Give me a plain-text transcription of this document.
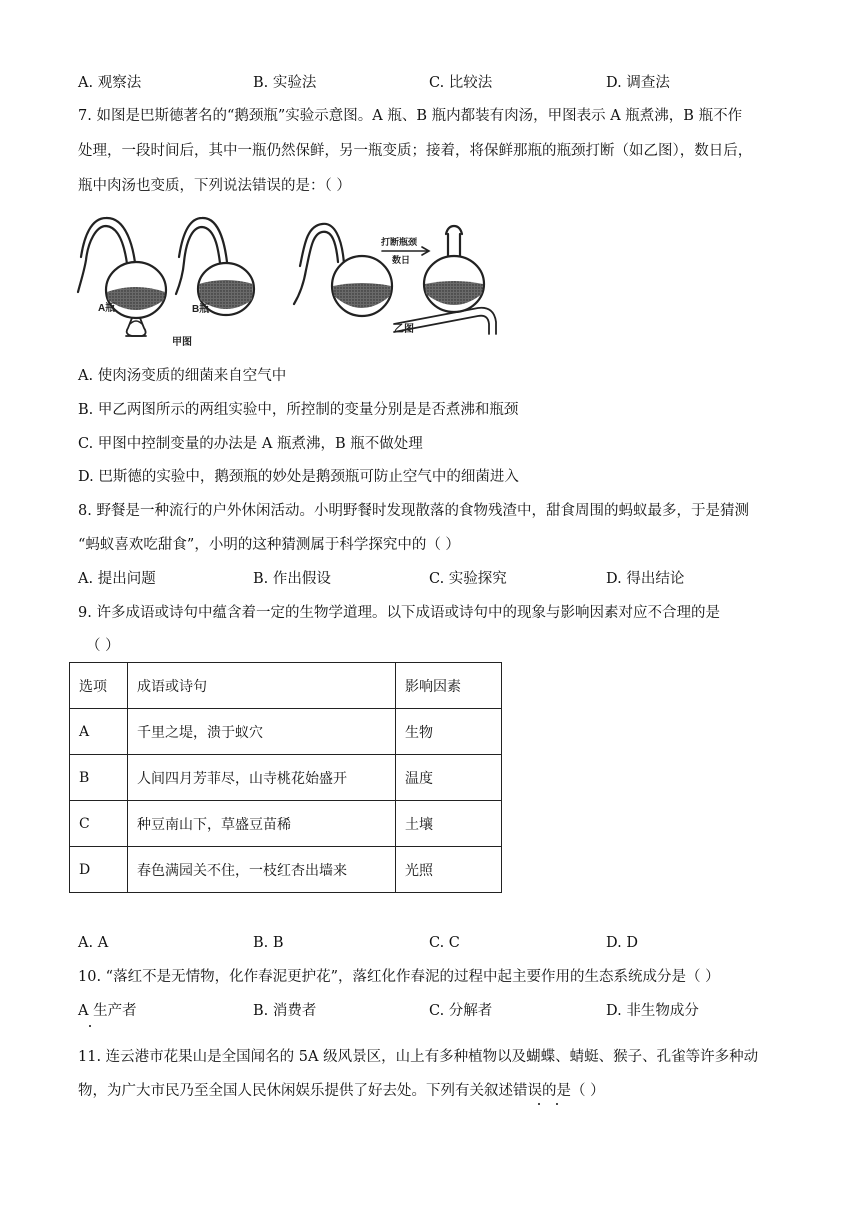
A. 观察法	B. 实验法	C. 比较法	D. 调查法
7. 如图是巴斯德著名的“鹅颈瓶”实验示意图。A 瓶、B 瓶内都装有肉汤，甲图表示 A 瓶煮沸，B 瓶不作
处理，一段时间后，其中一瓶仍然保鲜，另一瓶变质；接着，将保鲜那瓶的瓶颈打断（如乙图），数日后，
瓶中肉汤也变质，下列说法错误的是：（ ）
A瓶	B瓶
甲图
乙图
打断瓶颈
数日
A. 使肉汤变质的细菌来自空气中
B. 甲乙两图所示的两组实验中，所控制的变量分别是是否煮沸和瓶颈
C. 甲图中控制变量的办法是 A 瓶煮沸，B 瓶不做处理
D. 巴斯德的实验中，鹅颈瓶的妙处是鹅颈瓶可防止空气中的细菌进入
8. 野餐是一种流行的户外休闲活动。小明野餐时发现散落的食物残渣中，甜食周围的蚂蚁最多，于是猜测
“蚂蚁喜欢吃甜食”，小明的这种猜测属于科学探究中的（ ）
A. 提出问题	B. 作出假设	C. 实验探究	D. 得出结论
9. 许多成语或诗句中蕴含着一定的生物学道理。以下成语或诗句中的现象与影响因素对应不合理的是
（ ）
选项	成语或诗句	影响因素
A	千里之堤，溃于蚁穴	生物
B	人间四月芳菲尽，山寺桃花始盛开	温度
C	种豆南山下，草盛豆苗稀	土壤
D	春色满园关不住，一枝红杏出墙来	光照
A. A	B. B	C. C	D. D
10. “落红不是无情物，化作春泥更护花”，落红化作春泥的过程中起主要作用的生态系统成分是（ ）
A 生产者	B. 消费者	C. 分解者	D. 非生物成分
11. 连云港市花果山是全国闻名的 5A 级风景区，山上有多种植物以及蝴蝶、蜻蜓、猴子、孔雀等许多种动
物，为广大市民乃至全国人民休闲娱乐提供了好去处。下列有关叙述错误的是（ ）
